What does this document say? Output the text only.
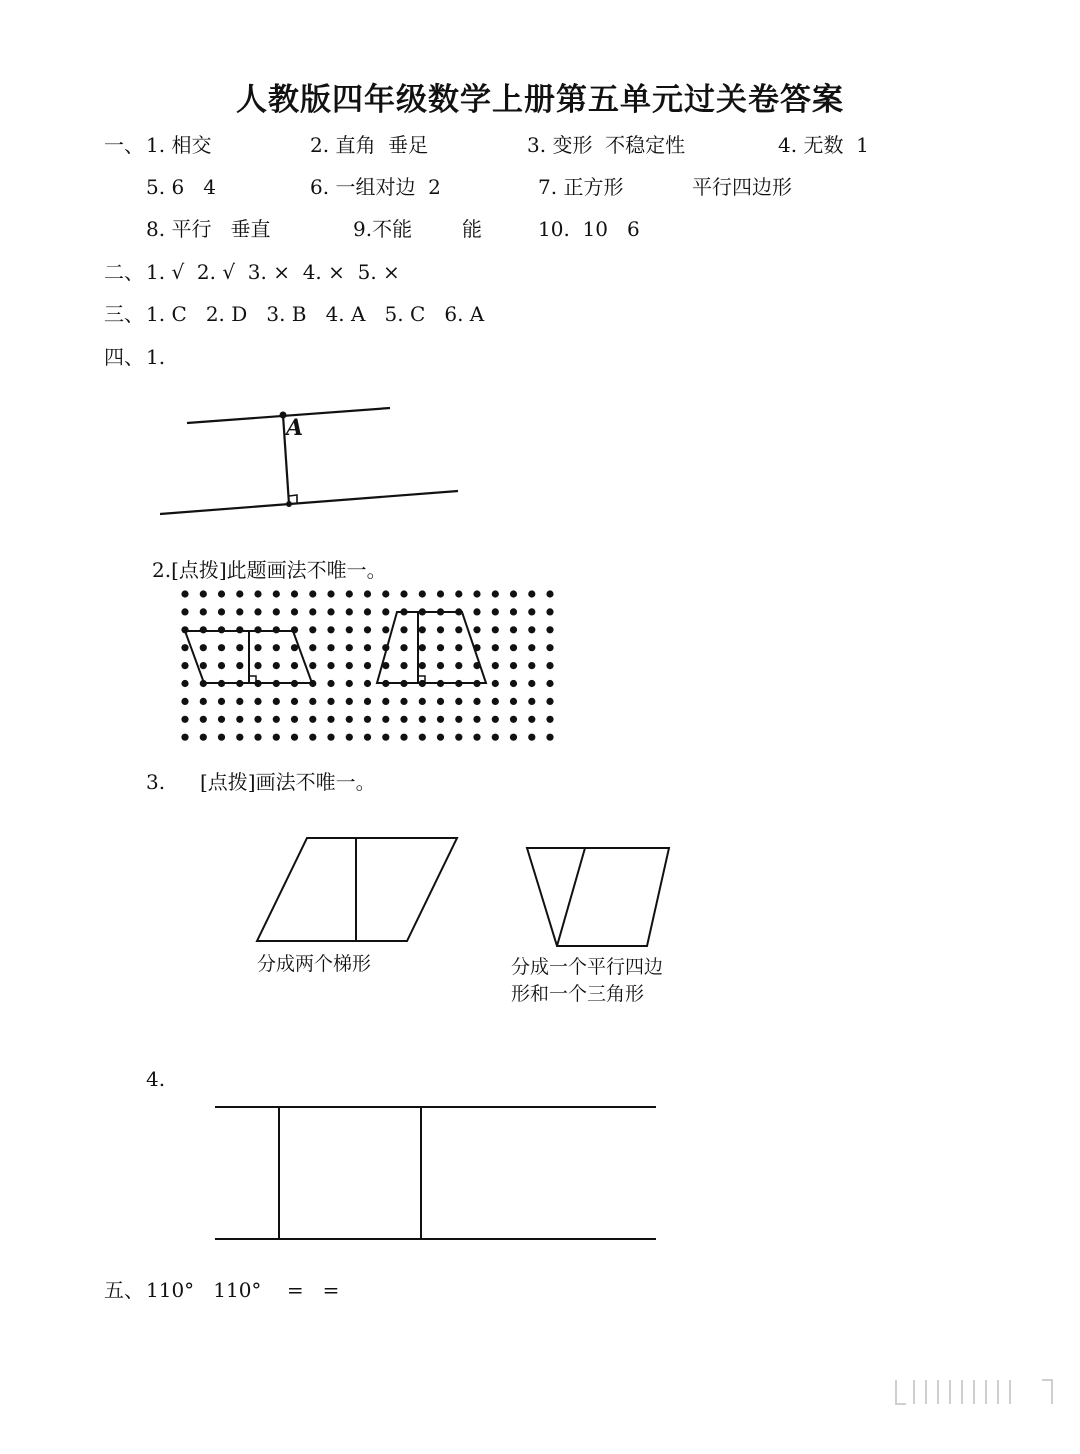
人教版四年级数学上册第五单元过关卷答案
一、 1. 相交	2. 直角  垂足	3. 变形  不稳定性	4. 无数  1
5. 6   4	6. 一组对边  2	7. 正方形	平行四边形
8. 平行   垂直	9.不能 能	10.  10   6
二、 1. √  2. √  3. ×  4. ×  5. ×
三、 1. C   2. D   3. B   4. A   5. C   6. A
四、 1.
A
2.[点拨]此题画法不唯一。
3. [点拨]画法不唯一。
分成两个梯形	分成一个平行四边
形和一个三角形
4.
五、 110°   110°    =   =
